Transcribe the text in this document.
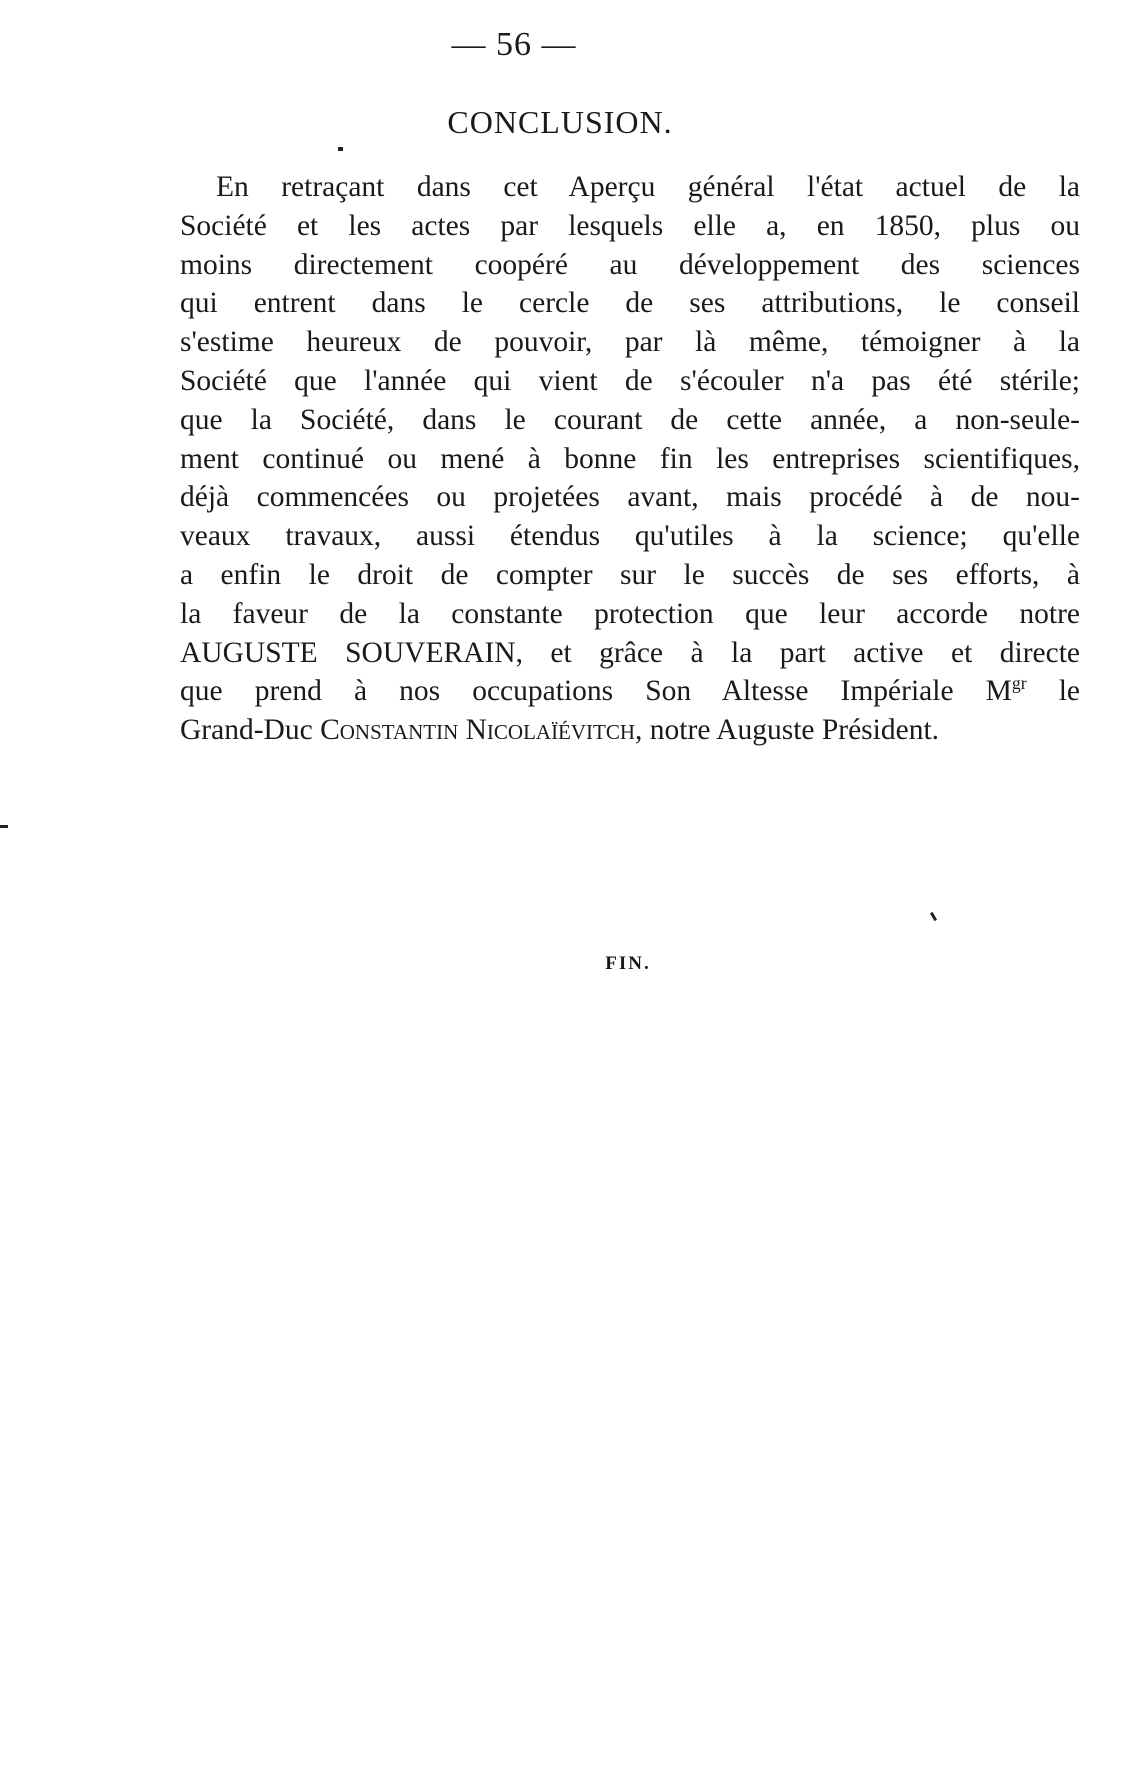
— 56 —
CONCLUSION.
En retraçant dans cet Aperçu général l'état actuel de la
Société et les actes par lesquels elle a, en 1850, plus ou
moins directement coopéré au développement des sciences
qui entrent dans le cercle de ses attributions, le conseil
s'estime heureux de pouvoir, par là même, témoigner à la
Société que l'année qui vient de s'écouler n'a pas été stérile;
que la Société, dans le courant de cette année, a non-seule-
ment continué ou mené à bonne fin les entreprises scientifiques,
déjà commencées ou projetées avant, mais procédé à de nou-
veaux travaux, aussi étendus qu'utiles à la science; qu'elle
a enfin le droit de compter sur le succès de ses efforts, à
la faveur de la constante protection que leur accorde notre
AUGUSTE SOUVERAIN, et grâce à la part active et directe
que prend à nos occupations Son Altesse Impériale $M^{gr}$ le
Grand-Duc Constantin Nicolaïévitch, notre Auguste Président.
FIN.
